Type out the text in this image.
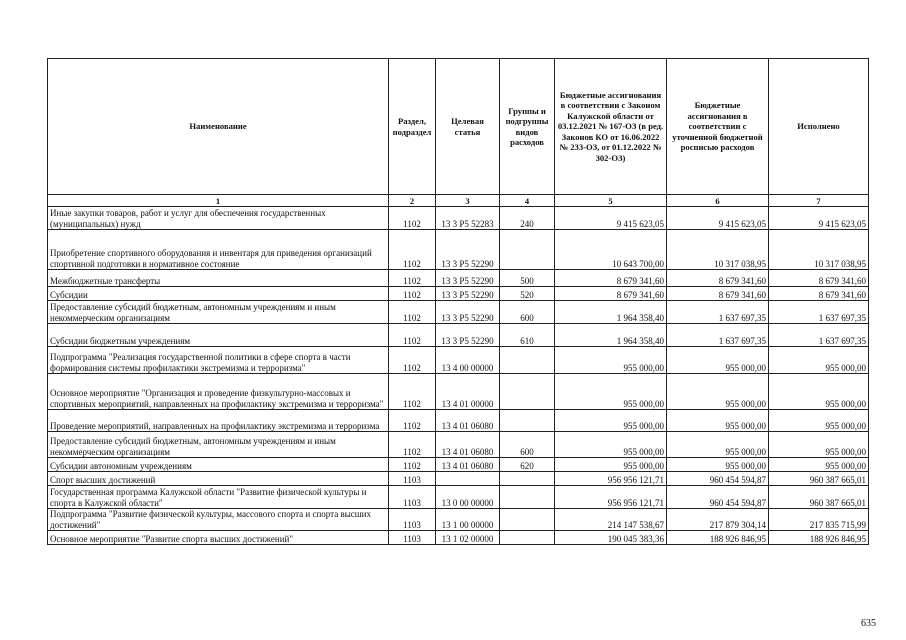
Наименование	Раздел, подраздел	Целевая статья	Группы и подгруппы видов расходов	Бюджетные ассигнования в соответствии с Законом Калужской области от 03.12.2021 № 167-ОЗ (в ред. Законов КО от 16.06.2022 № 233-ОЗ, от 01.12.2022 № 302-ОЗ)	Бюджетные ассигнования в соответствии с уточненной бюджетной росписью расходов	Исполнено
1	2	3	4	5	6	7
Иные закупки товаров, работ и услуг для обеспечения государственных (муниципальных) нужд	1102	13 3 P5 52283	240	9 415 623,05	9 415 623,05	9 415 623,05
Приобретение спортивного оборудования и инвентаря для приведения организаций спортивной подготовки в нормативное состояние	1102	13 3 P5 52290		10 643 700,00	10 317 038,95	10 317 038,95
Межбюджетные трансферты	1102	13 3 P5 52290	500	8 679 341,60	8 679 341,60	8 679 341,60
Субсидии	1102	13 3 P5 52290	520	8 679 341,60	8 679 341,60	8 679 341,60
Предоставление субсидий бюджетным, автономным учреждениям и иным некоммерческим организациям	1102	13 3 P5 52290	600	1 964 358,40	1 637 697,35	1 637 697,35
Субсидии бюджетным учреждениям	1102	13 3 P5 52290	610	1 964 358,40	1 637 697,35	1 637 697,35
Подпрограмма "Реализация государственной политики в сфере спорта в части формирования системы профилактики экстремизма и терроризма"	1102	13 4 00 00000		955 000,00	955 000,00	955 000,00
Основное мероприятие "Организация и проведение физкультурно-массовых и спортивных мероприятий, направленных на профилактику экстремизма и терроризма"	1102	13 4 01 00000		955 000,00	955 000,00	955 000,00
Проведение мероприятий, направленных на профилактику экстремизма и терроризма	1102	13 4 01 06080		955 000,00	955 000,00	955 000,00
Предоставление субсидий бюджетным, автономным учреждениям и иным некоммерческим организациям	1102	13 4 01 06080	600	955 000,00	955 000,00	955 000,00
Субсидии автономным учреждениям	1102	13 4 01 06080	620	955 000,00	955 000,00	955 000,00
Спорт высших достижений	1103			956 956 121,71	960 454 594,87	960 387 665,01
Государственная программа Калужской области "Развитие физической культуры и спорта в Калужской области"	1103	13 0 00 00000		956 956 121,71	960 454 594,87	960 387 665,01
Подпрограмма "Развитие физической культуры, массового спорта и спорта высших достижений"	1103	13 1 00 00000		214 147 538,67	217 879 304,14	217 835 715,99
Основное мероприятие "Развитие спорта высших достижений"	1103	13 1 02 00000		190 045 383,36	188 926 846,95	188 926 846,95
635
